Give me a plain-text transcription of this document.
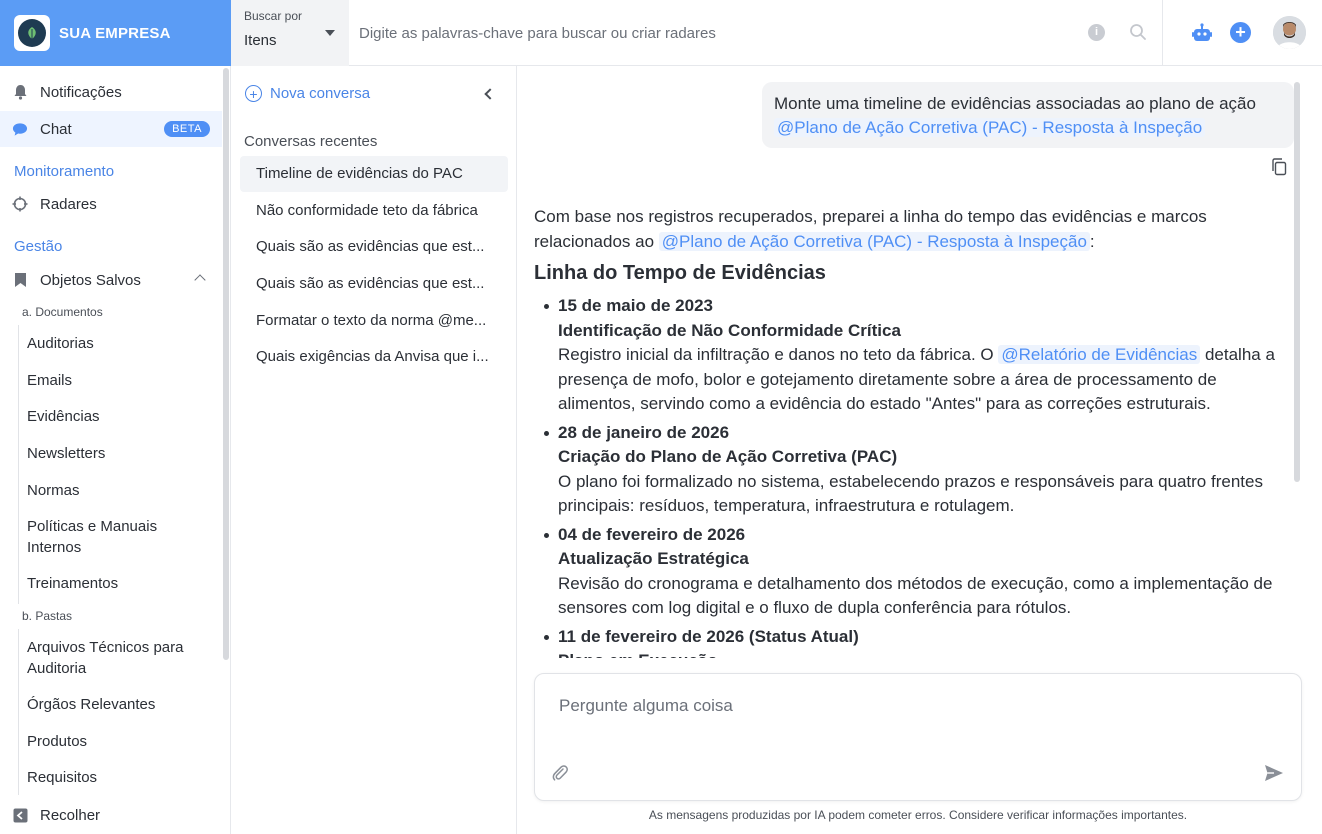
SUA EMPRESA
Buscar por
Itens
Digite as palavras-chave para buscar ou criar radares	i	+
Notificações
Chat	BETA
Monitoramento
Radares
Gestão
Objetos Salvos
a. Documentos
Auditorias
Emails
Evidências
Newsletters
Normas
Políticas e Manuais Internos
Treinamentos
b. Pastas
Arquivos Técnicos para Auditoria
Órgãos Relevantes
Produtos
Requisitos
Recolher
+ Nova conversa
Conversas recentes
Timeline de evidências do PAC
Não conformidade teto da fábrica
Quais são as evidências que est...
Quais são as evidências que est...
Formatar o texto da norma @me...
Quais exigências da Anvisa que i...
Monte uma timeline de evidências associadas ao plano de ação
@Plano de Ação Corretiva (PAC) - Resposta à Inspeção

Com base nos registros recuperados, preparei a linha do tempo das evidências e marcos relacionados ao @Plano de Ação Corretiva (PAC) - Resposta à Inspeção :

Linha do Tempo de Evidências
15 de maio de 2023
Identificação de Não Conformidade Crítica
Registro inicial da infiltração e danos no teto da fábrica. O @Relatório de Evidências detalha a presença de mofo, bolor e gotejamento diretamente sobre a área de processamento de alimentos, servindo como a evidência do estado "Antes" para as correções estruturais.
28 de janeiro de 2026
Criação do Plano de Ação Corretiva (PAC)
O plano foi formalizado no sistema, estabelecendo prazos e responsáveis para quatro frentes principais: resíduos, temperatura, infraestrutura e rotulagem.
04 de fevereiro de 2026
Atualização Estratégica
Revisão do cronograma e detalhamento dos métodos de execução, como a implementação de sensores com log digital e o fluxo de dupla conferência para rótulos.
11 de fevereiro de 2026 (Status Atual)
Pergunte alguma coisa
As mensagens produzidas por IA podem cometer erros. Considere verificar informações importantes.
